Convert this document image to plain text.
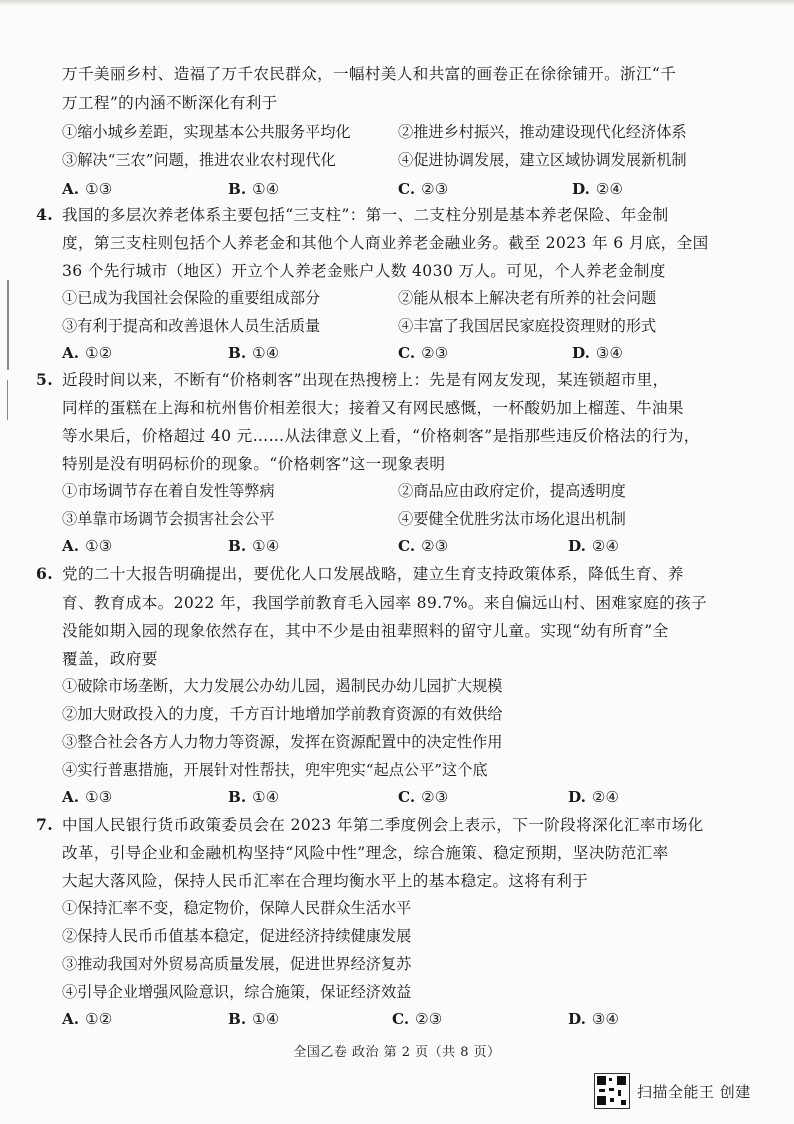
万千美丽乡村、造福了万千农民群众，一幅村美人和共富的画卷正在徐徐铺开。浙江“千
万工程”的内涵不断深化有利于
①缩小城乡差距，实现基本公共服务平均化	②推进乡村振兴，推动建设现代化经济体系
③解决“三农”问题，推进农业农村现代化	④促进协调发展，建立区域协调发展新机制
A. ①③	B. ①④	C. ②③	D. ②④
4. 我国的多层次养老体系主要包括“三支柱”：第一、二支柱分别是基本养老保险、年金制
度，第三支柱则包括个人养老金和其他个人商业养老金融业务。截至 2023 年 6 月底，全国
36 个先行城市（地区）开立个人养老金账户人数 4030 万人。可见，个人养老金制度
①已成为我国社会保险的重要组成部分	②能从根本上解决老有所养的社会问题
③有利于提高和改善退休人员生活质量	④丰富了我国居民家庭投资理财的形式
A. ①②	B. ①④	C. ②③	D. ③④
5. 近段时间以来，不断有“价格刺客”出现在热搜榜上：先是有网友发现，某连锁超市里，
同样的蛋糕在上海和杭州售价相差很大；接着又有网民感慨，一杯酸奶加上榴莲、牛油果
等水果后，价格超过 40 元……从法律意义上看，“价格刺客”是指那些违反价格法的行为，
特别是没有明码标价的现象。“价格刺客”这一现象表明
①市场调节存在着自发性等弊病	②商品应由政府定价，提高透明度
③单靠市场调节会损害社会公平	④要健全优胜劣汰市场化退出机制
A. ①③	B. ①④	C. ②③	D. ②④
6. 党的二十大报告明确提出，要优化人口发展战略，建立生育支持政策体系，降低生育、养
育、教育成本。2022 年，我国学前教育毛入园率 89.7%。来自偏远山村、困难家庭的孩子
没能如期入园的现象依然存在，其中不少是由祖辈照料的留守儿童。实现“幼有所育”全
覆盖，政府要
①破除市场垄断，大力发展公办幼儿园，遏制民办幼儿园扩大规模
②加大财政投入的力度，千方百计地增加学前教育资源的有效供给
③整合社会各方人力物力等资源，发挥在资源配置中的决定性作用
④实行普惠措施，开展针对性帮扶，兜牢兜实“起点公平”这个底
A. ①③	B. ①④	C. ②③	D. ②④
7. 中国人民银行货币政策委员会在 2023 年第二季度例会上表示，下一阶段将深化汇率市场化
改革，引导企业和金融机构坚持“风险中性”理念，综合施策、稳定预期，坚决防范汇率
大起大落风险，保持人民币汇率在合理均衡水平上的基本稳定。这将有利于
①保持汇率不变，稳定物价，保障人民群众生活水平
②保持人民币币值基本稳定，促进经济持续健康发展
③推动我国对外贸易高质量发展，促进世界经济复苏
④引导企业增强风险意识，综合施策，保证经济效益
A. ①②	B. ①④	C. ②③	D. ③④
全国乙卷 政治 第 2 页（共 8 页）
扫描全能王 创建
